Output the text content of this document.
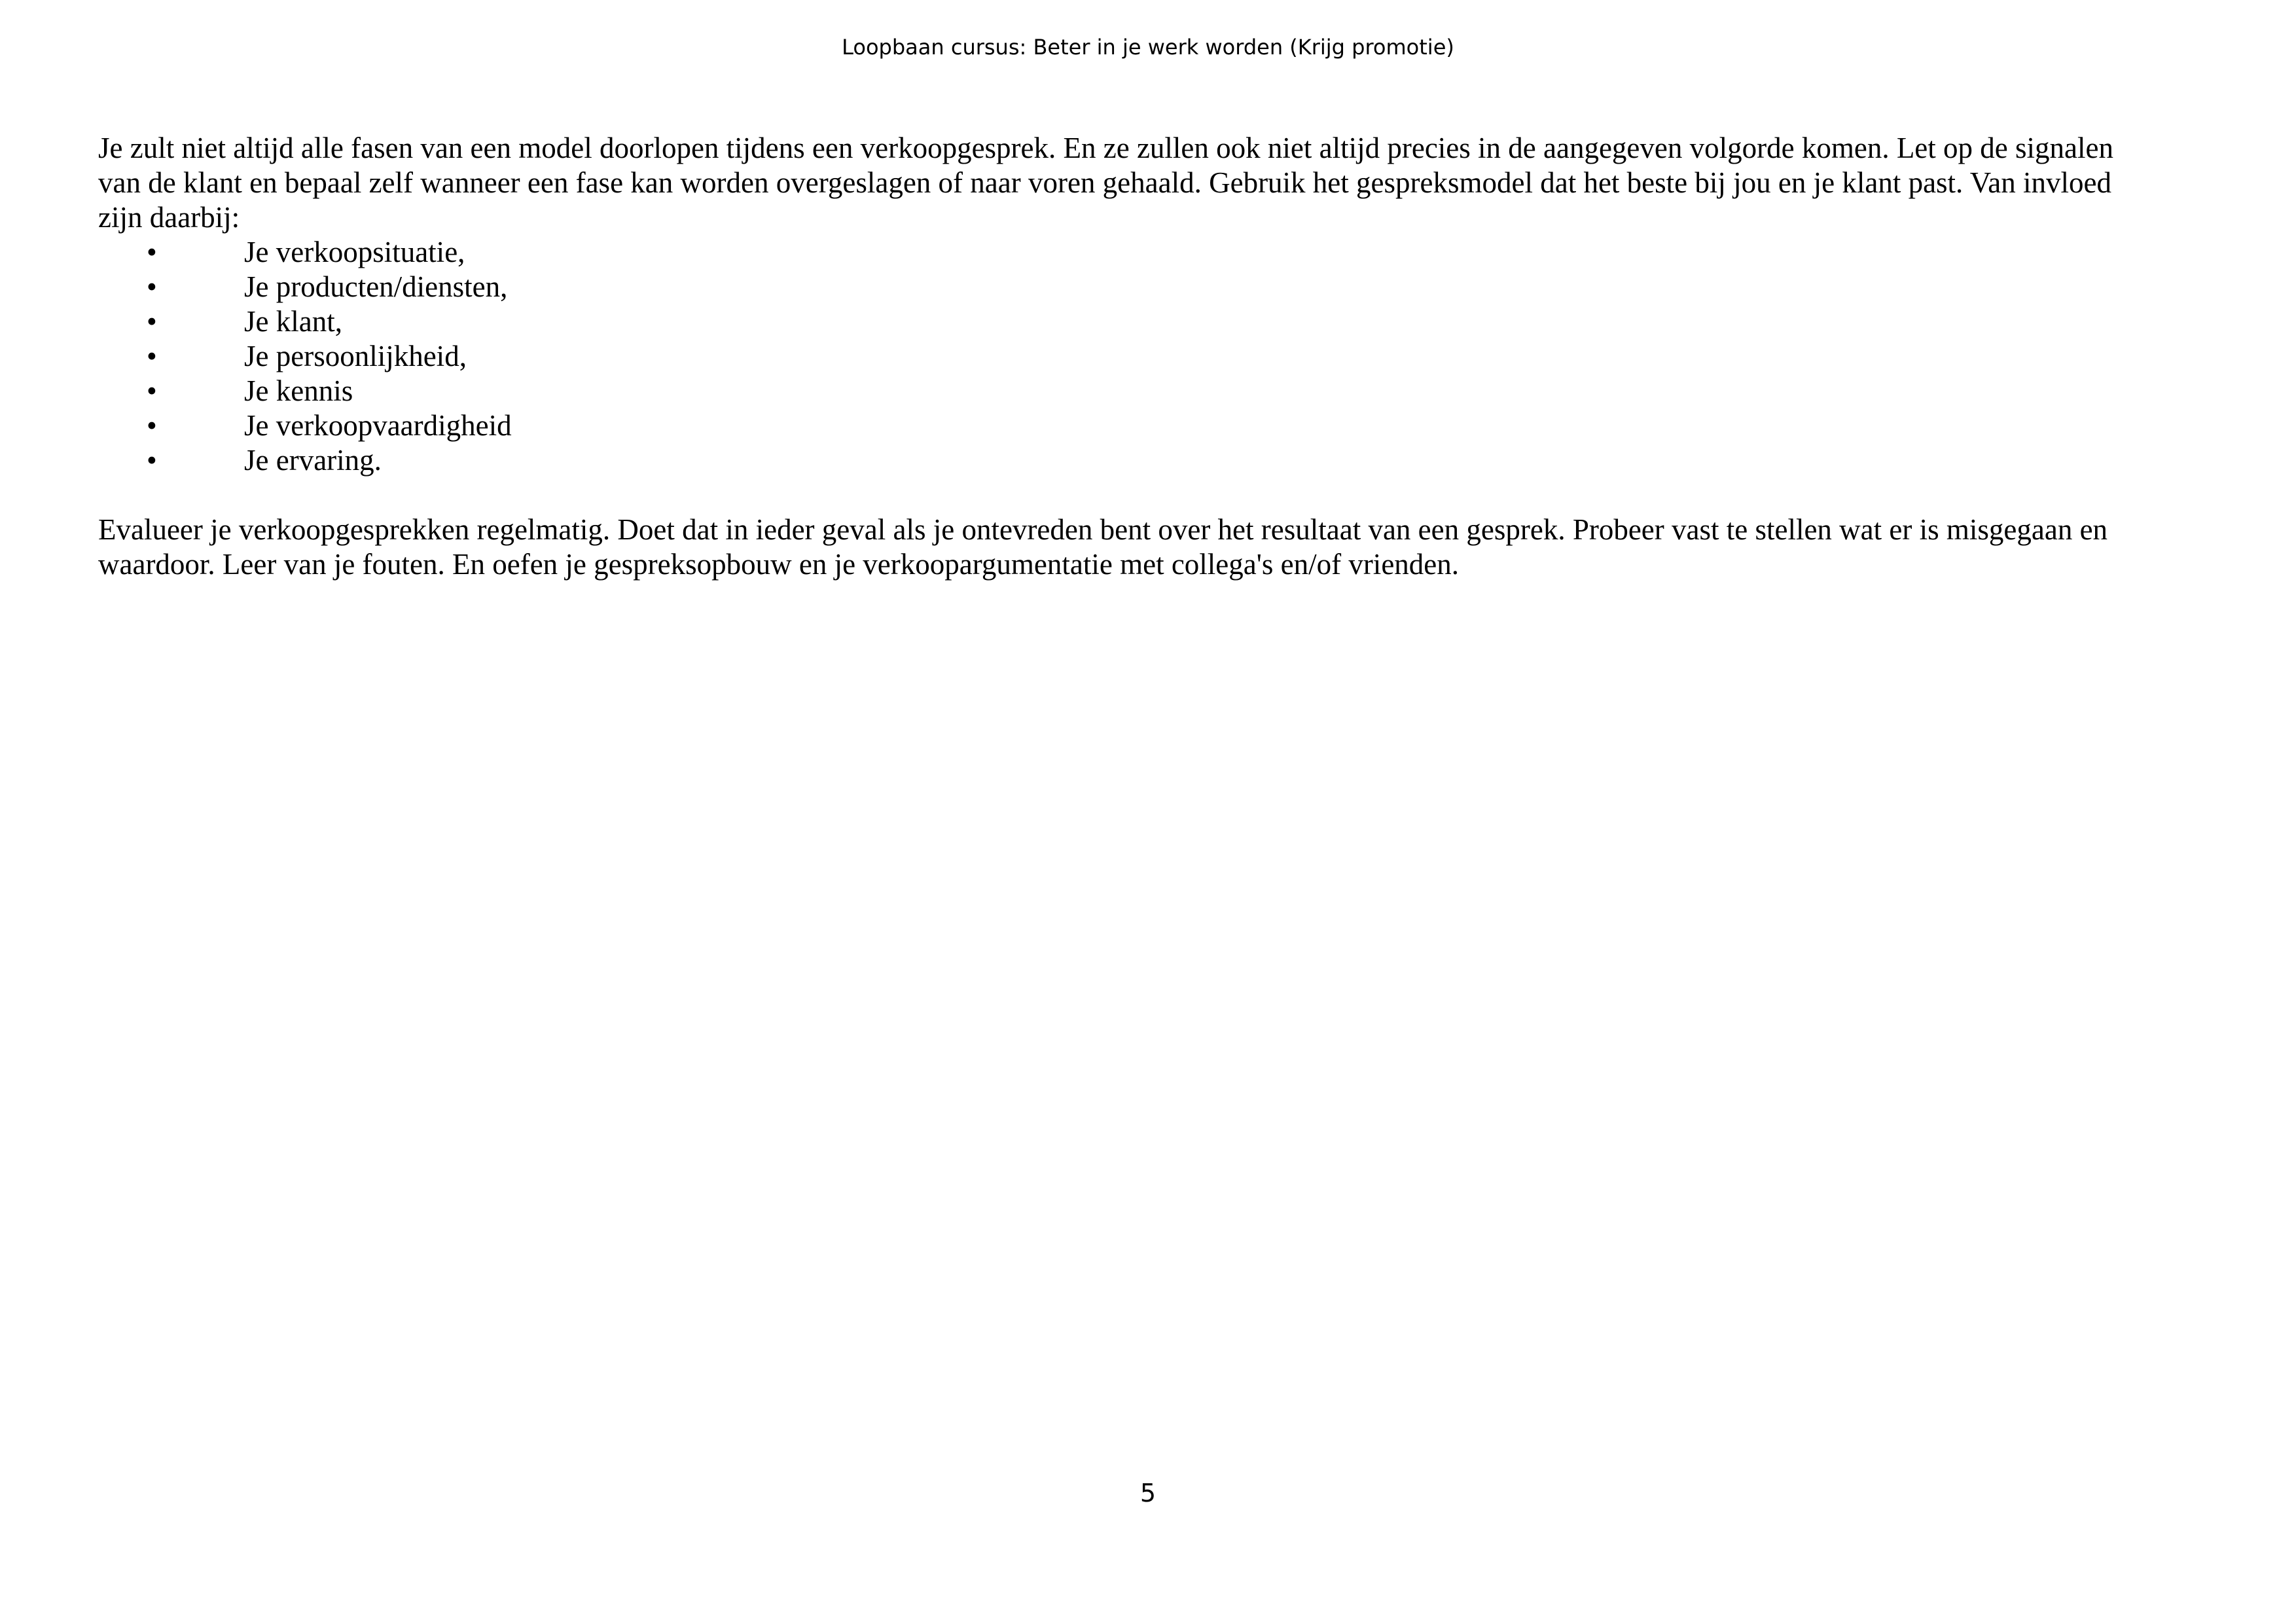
Loopbaan cursus: Beter in je werk worden (Krijg promotie)
Je zult niet altijd alle fasen van een model doorlopen tijdens een verkoopgesprek. En ze zullen ook niet altijd precies in de aangegeven volgorde komen. Let op de signalen
van de klant en bepaal zelf wanneer een fase kan worden overgeslagen of naar voren gehaald. Gebruik het gespreksmodel dat het beste bij jou en je klant past. Van invloed
zijn daarbij:
•	Je verkoopsituatie,
•	Je producten/diensten,
•	Je klant,
•	Je persoonlijkheid,
•	Je kennis
•	Je verkoopvaardigheid
•	Je ervaring.
Evalueer je verkoopgesprekken regelmatig. Doet dat in ieder geval als je ontevreden bent over het resultaat van een gesprek. Probeer vast te stellen wat er is misgegaan en
waardoor. Leer van je fouten. En oefen je gespreksopbouw en je verkoopargumentatie met collega's en/of vrienden.
5
